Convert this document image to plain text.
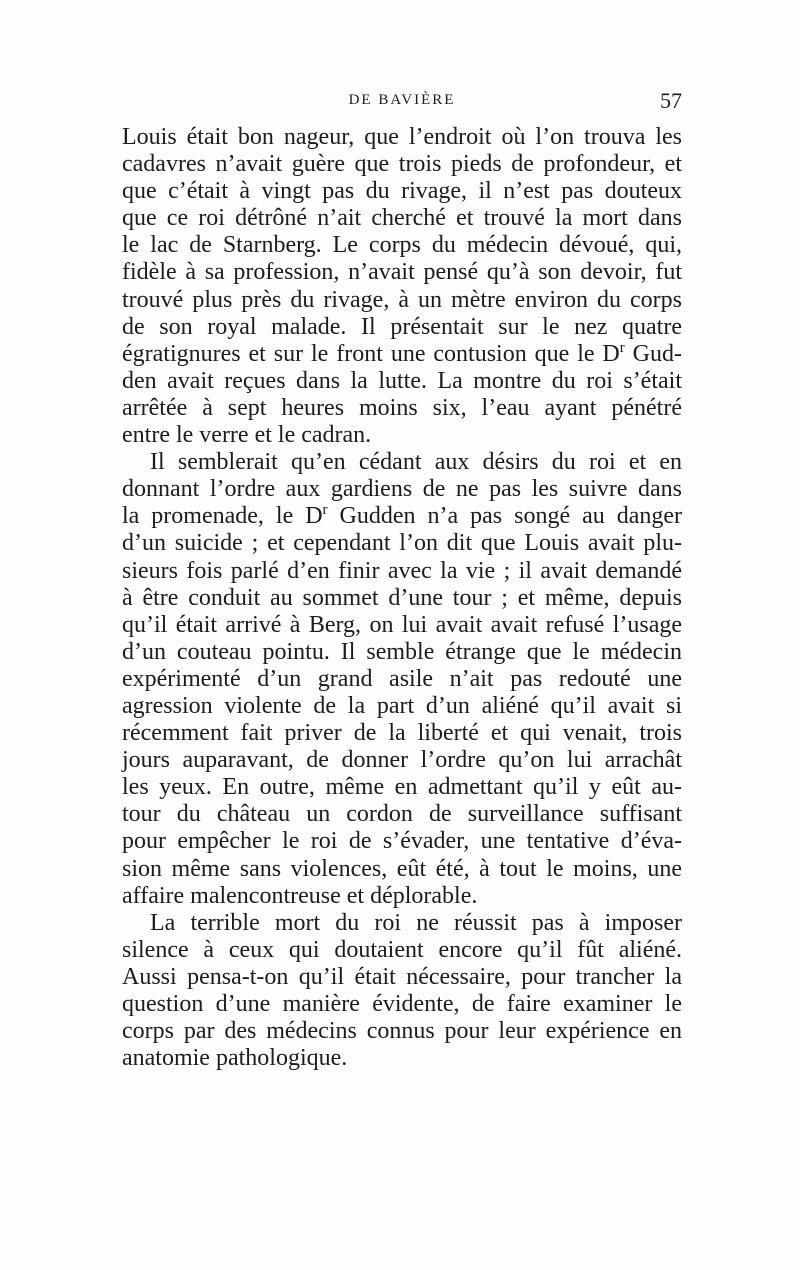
DE BAVIÈRE	57
Louis était bon nageur, que l’endroit où l’on trouva les
cadavres n’avait guère que trois pieds de profondeur, et
que c’était à vingt pas du rivage, il n’est pas douteux
que ce roi détrôné n’ait cherché et trouvé la mort dans
le lac de Starnberg. Le corps du médecin dévoué, qui,
fidèle à sa profession, n’avait pensé qu’à son devoir, fut
trouvé plus près du rivage, à un mètre environ du corps
de son royal malade. Il présentait sur le nez quatre
égratignures et sur le front une contusion que le $D^r$ Gud-
den avait reçues dans la lutte. La montre du roi s’était
arrêtée à sept heures moins six, l’eau ayant pénétré
entre le verre et le cadran.
Il semblerait qu’en cédant aux désirs du roi et en
donnant l’ordre aux gardiens de ne pas les suivre dans
la promenade, le $D^r$ Gudden n’a pas songé au danger
d’un suicide ; et cependant l’on dit que Louis avait plu-
sieurs fois parlé d’en finir avec la vie ; il avait demandé
à être conduit au sommet d’une tour ; et même, depuis
qu’il était arrivé à Berg, on lui avait avait refusé l’usage
d’un couteau pointu. Il semble étrange que le médecin
expérimenté d’un grand asile n’ait pas redouté une
agression violente de la part d’un aliéné qu’il avait si
récemment fait priver de la liberté et qui venait, trois
jours auparavant, de donner l’ordre qu’on lui arrachât
les yeux. En outre, même en admettant qu’il y eût au-
tour du château un cordon de surveillance suffisant
pour empêcher le roi de s’évader, une tentative d’éva-
sion même sans violences, eût été, à tout le moins, une
affaire malencontreuse et déplorable.
La terrible mort du roi ne réussit pas à imposer
silence à ceux qui doutaient encore qu’il fût aliéné.
Aussi pensa-t-on qu’il était nécessaire, pour trancher la
question d’une manière évidente, de faire examiner le
corps par des médecins connus pour leur expérience en
anatomie pathologique.
